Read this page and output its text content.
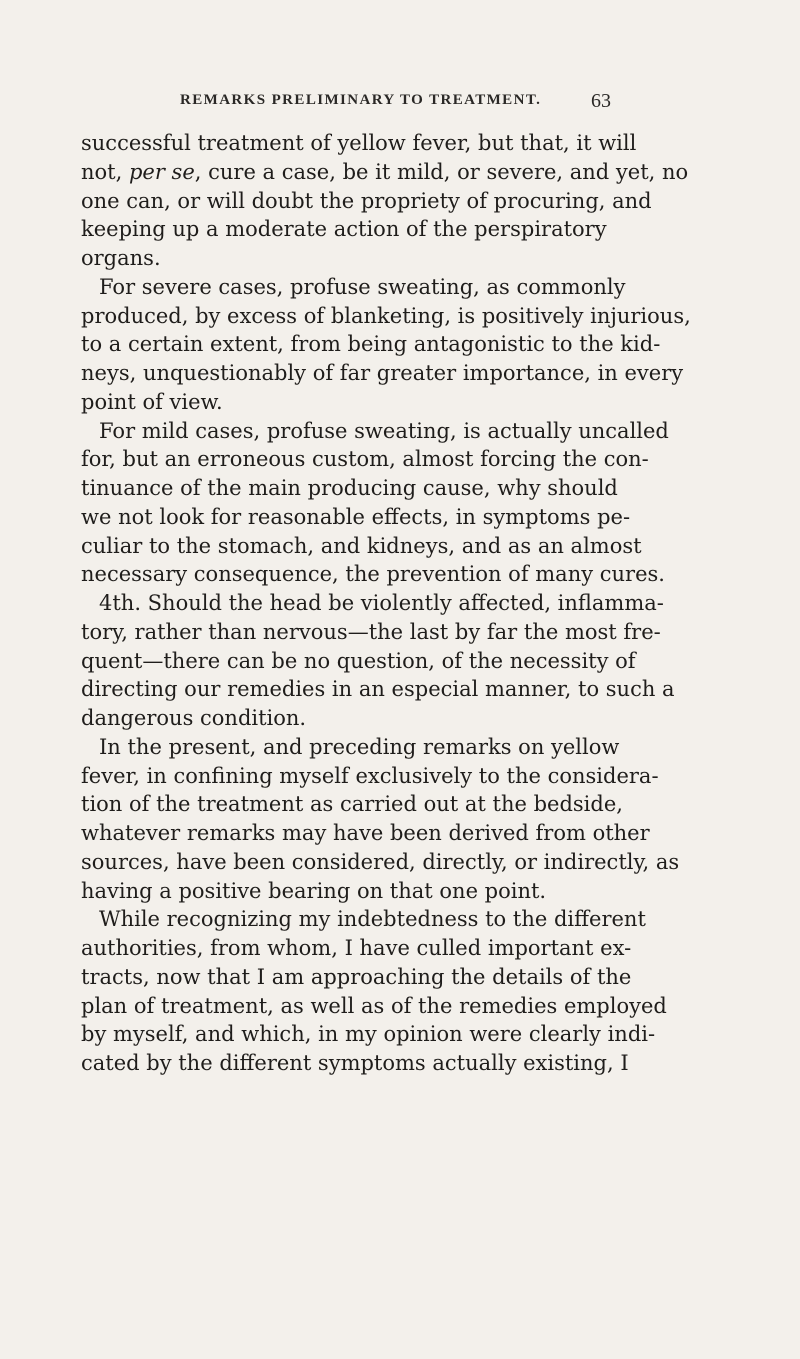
REMARKS PRELIMINARY TO TREATMENT. 63
successful treatment of yellow fever, but that, it will
not, per se, cure a case, be it mild, or severe, and yet, no
one can, or will doubt the propriety of procuring, and
keeping up a moderate action of the perspiratory
organs.
For severe cases, profuse sweating, as commonly
produced, by excess of blanketing, is positively injurious,
to a certain extent, from being antagonistic to the kid-
neys, unquestionably of far greater importance, in every
point of view.
For mild cases, profuse sweating, is actually uncalled
for, but an erroneous custom, almost forcing the con-
tinuance of the main producing cause, why should
we not look for reasonable effects, in symptoms pe-
culiar to the stomach, and kidneys, and as an almost
necessary consequence, the prevention of many cures.
4th. Should the head be violently affected, inflamma-
tory, rather than nervous—the last by far the most fre-
quent—there can be no question, of the necessity of
directing our remedies in an especial manner, to such a
dangerous condition.
In the present, and preceding remarks on yellow
fever, in confining myself exclusively to the considera-
tion of the treatment as carried out at the bedside,
whatever remarks may have been derived from other
sources, have been considered, directly, or indirectly, as
having a positive bearing on that one point.
While recognizing my indebtedness to the different
authorities, from whom, I have culled important ex-
tracts, now that I am approaching the details of the
plan of treatment, as well as of the remedies employed
by myself, and which, in my opinion were clearly indi-
cated by the different symptoms actually existing, I
